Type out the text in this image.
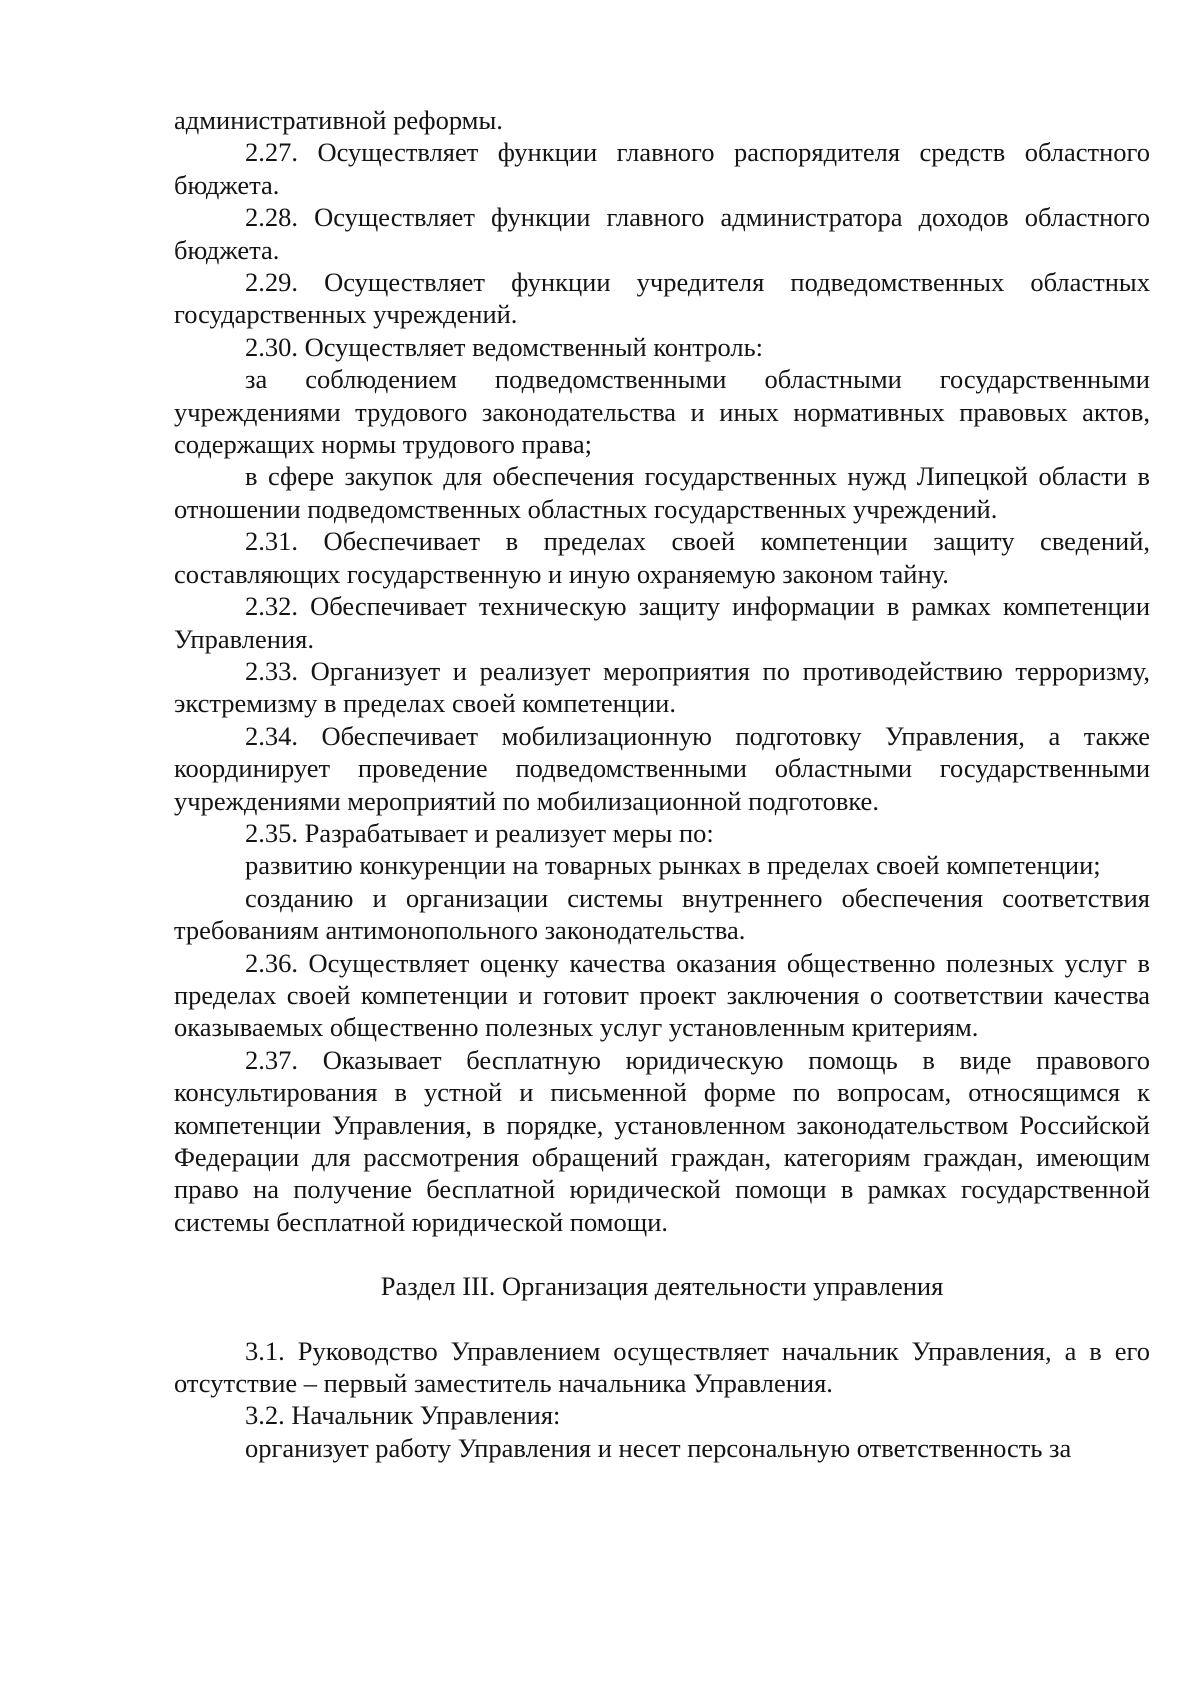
административной реформы.

2.27. Осуществляет функции главного распорядителя средств областного бюджета.

2.28. Осуществляет функции главного администратора доходов областного бюджета.

2.29. Осуществляет функции учредителя подведомственных областных государственных учреждений.

2.30. Осуществляет ведомственный контроль:

за соблюдением подведомственными областными государственными учреждениями трудового законодательства и иных нормативных правовых актов, содержащих нормы трудового права;

в сфере закупок для обеспечения государственных нужд Липецкой области в отношении подведомственных областных государственных учреждений.

2.31. Обеспечивает в пределах своей компетенции защиту сведений, составляющих государственную и иную охраняемую законом тайну.

2.32. Обеспечивает техническую защиту информации в рамках компетенции Управления.

2.33. Организует и реализует мероприятия по противодействию терроризму, экстремизму в пределах своей компетенции.

2.34. Обеспечивает мобилизационную подготовку Управления, а также координирует проведение подведомственными областными государственными учреждениями мероприятий по мобилизационной подготовке.

2.35. Разрабатывает и реализует меры по:

развитию конкуренции на товарных рынках в пределах своей компетенции;

созданию и организации системы внутреннего обеспечения соответствия требованиям антимонопольного законодательства.

2.36. Осуществляет оценку качества оказания общественно полезных услуг в пределах своей компетенции и готовит проект заключения о соответствии качества оказываемых общественно полезных услуг установленным критериям.

2.37. Оказывает бесплатную юридическую помощь в виде правового консультирования в устной и письменной форме по вопросам, относящимся к компетенции Управления, в порядке, установленном законодательством Российской Федерации для рассмотрения обращений граждан, категориям граждан, имеющим право на получение бесплатной юридической помощи в рамках государственной системы бесплатной юридической помощи.

Раздел III. Организация деятельности управления

3.1. Руководство Управлением осуществляет начальник Управления, а в его отсутствие – первый заместитель начальника Управления.

3.2. Начальник Управления:

организует работу Управления и несет персональную ответственность за
